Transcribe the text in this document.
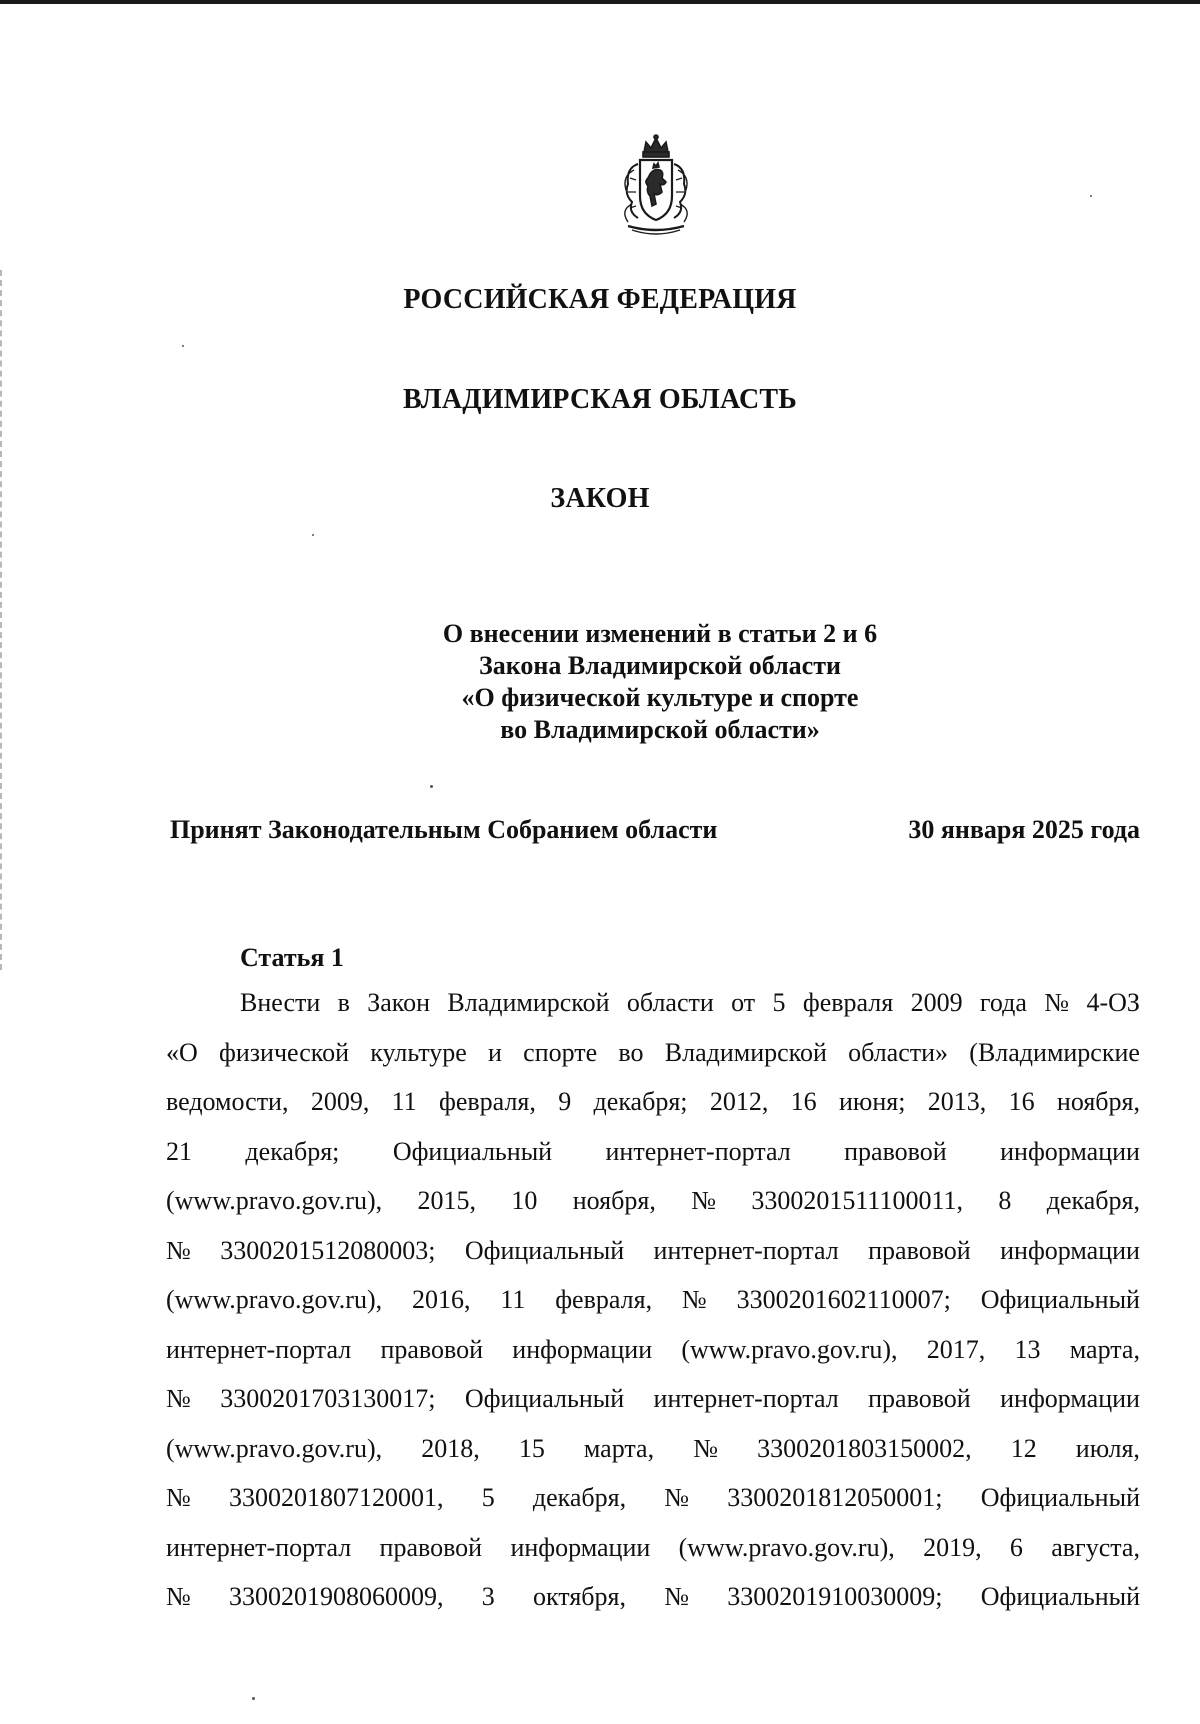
РОССИЙСКАЯ ФЕДЕРАЦИЯ
ВЛАДИМИРСКАЯ ОБЛАСТЬ
ЗАКОН
О внесении изменений в статьи 2 и 6
Закона Владимирской области
«О физической культуре и спорте
во Владимирской области»
Принят Законодательным Собранием области	30 января 2025 года
Статья 1
Внести в Закон Владимирской области от 5 февраля 2009 года № 4-ОЗ
«О физической культуре и спорте во Владимирской области» (Владимирские
ведомости, 2009, 11 февраля, 9 декабря; 2012, 16 июня; 2013, 16 ноября,
21 декабря; Официальный интернет-портал правовой информации
(www.pravo.gov.ru), 2015, 10 ноября, № 3300201511100011, 8 декабря,
№ 3300201512080003; Официальный интернет-портал правовой информации
(www.pravo.gov.ru), 2016, 11 февраля, № 3300201602110007; Официальный
интернет-портал правовой информации (www.pravo.gov.ru), 2017, 13 марта,
№ 3300201703130017; Официальный интернет-портал правовой информации
(www.pravo.gov.ru), 2018, 15 марта, № 3300201803150002, 12 июля,
№ 3300201807120001, 5 декабря, № 3300201812050001; Официальный
интернет-портал правовой информации (www.pravo.gov.ru), 2019, 6 августа,
№ 3300201908060009, 3 октября, № 3300201910030009; Официальный
